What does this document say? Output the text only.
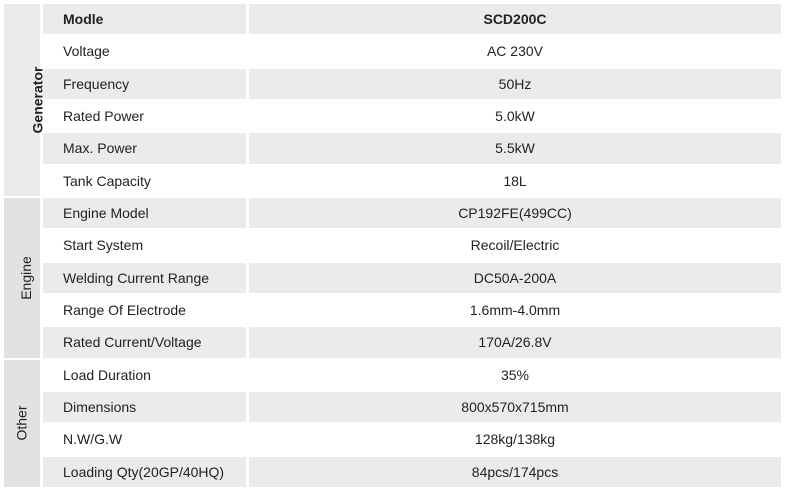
Generator	Modle	SCD200C
	Voltage	AC 230V
	Frequency	50Hz
	Rated Power	5.0kW
	Max. Power	5.5kW
	Tank Capacity	18L
Engine	Engine Model	CP192FE(499CC)
	Start System	Recoil/Electric
	Welding Current Range	DC50A-200A
	Range Of Electrode	1.6mm-4.0mm
	Rated Current/Voltage	170A/26.8V
Other	Load Duration	35%
	Dimensions	800x570x715mm
	N.W/G.W	128kg/138kg
	Loading Qty(20GP/40HQ)	84pcs/174pcs
